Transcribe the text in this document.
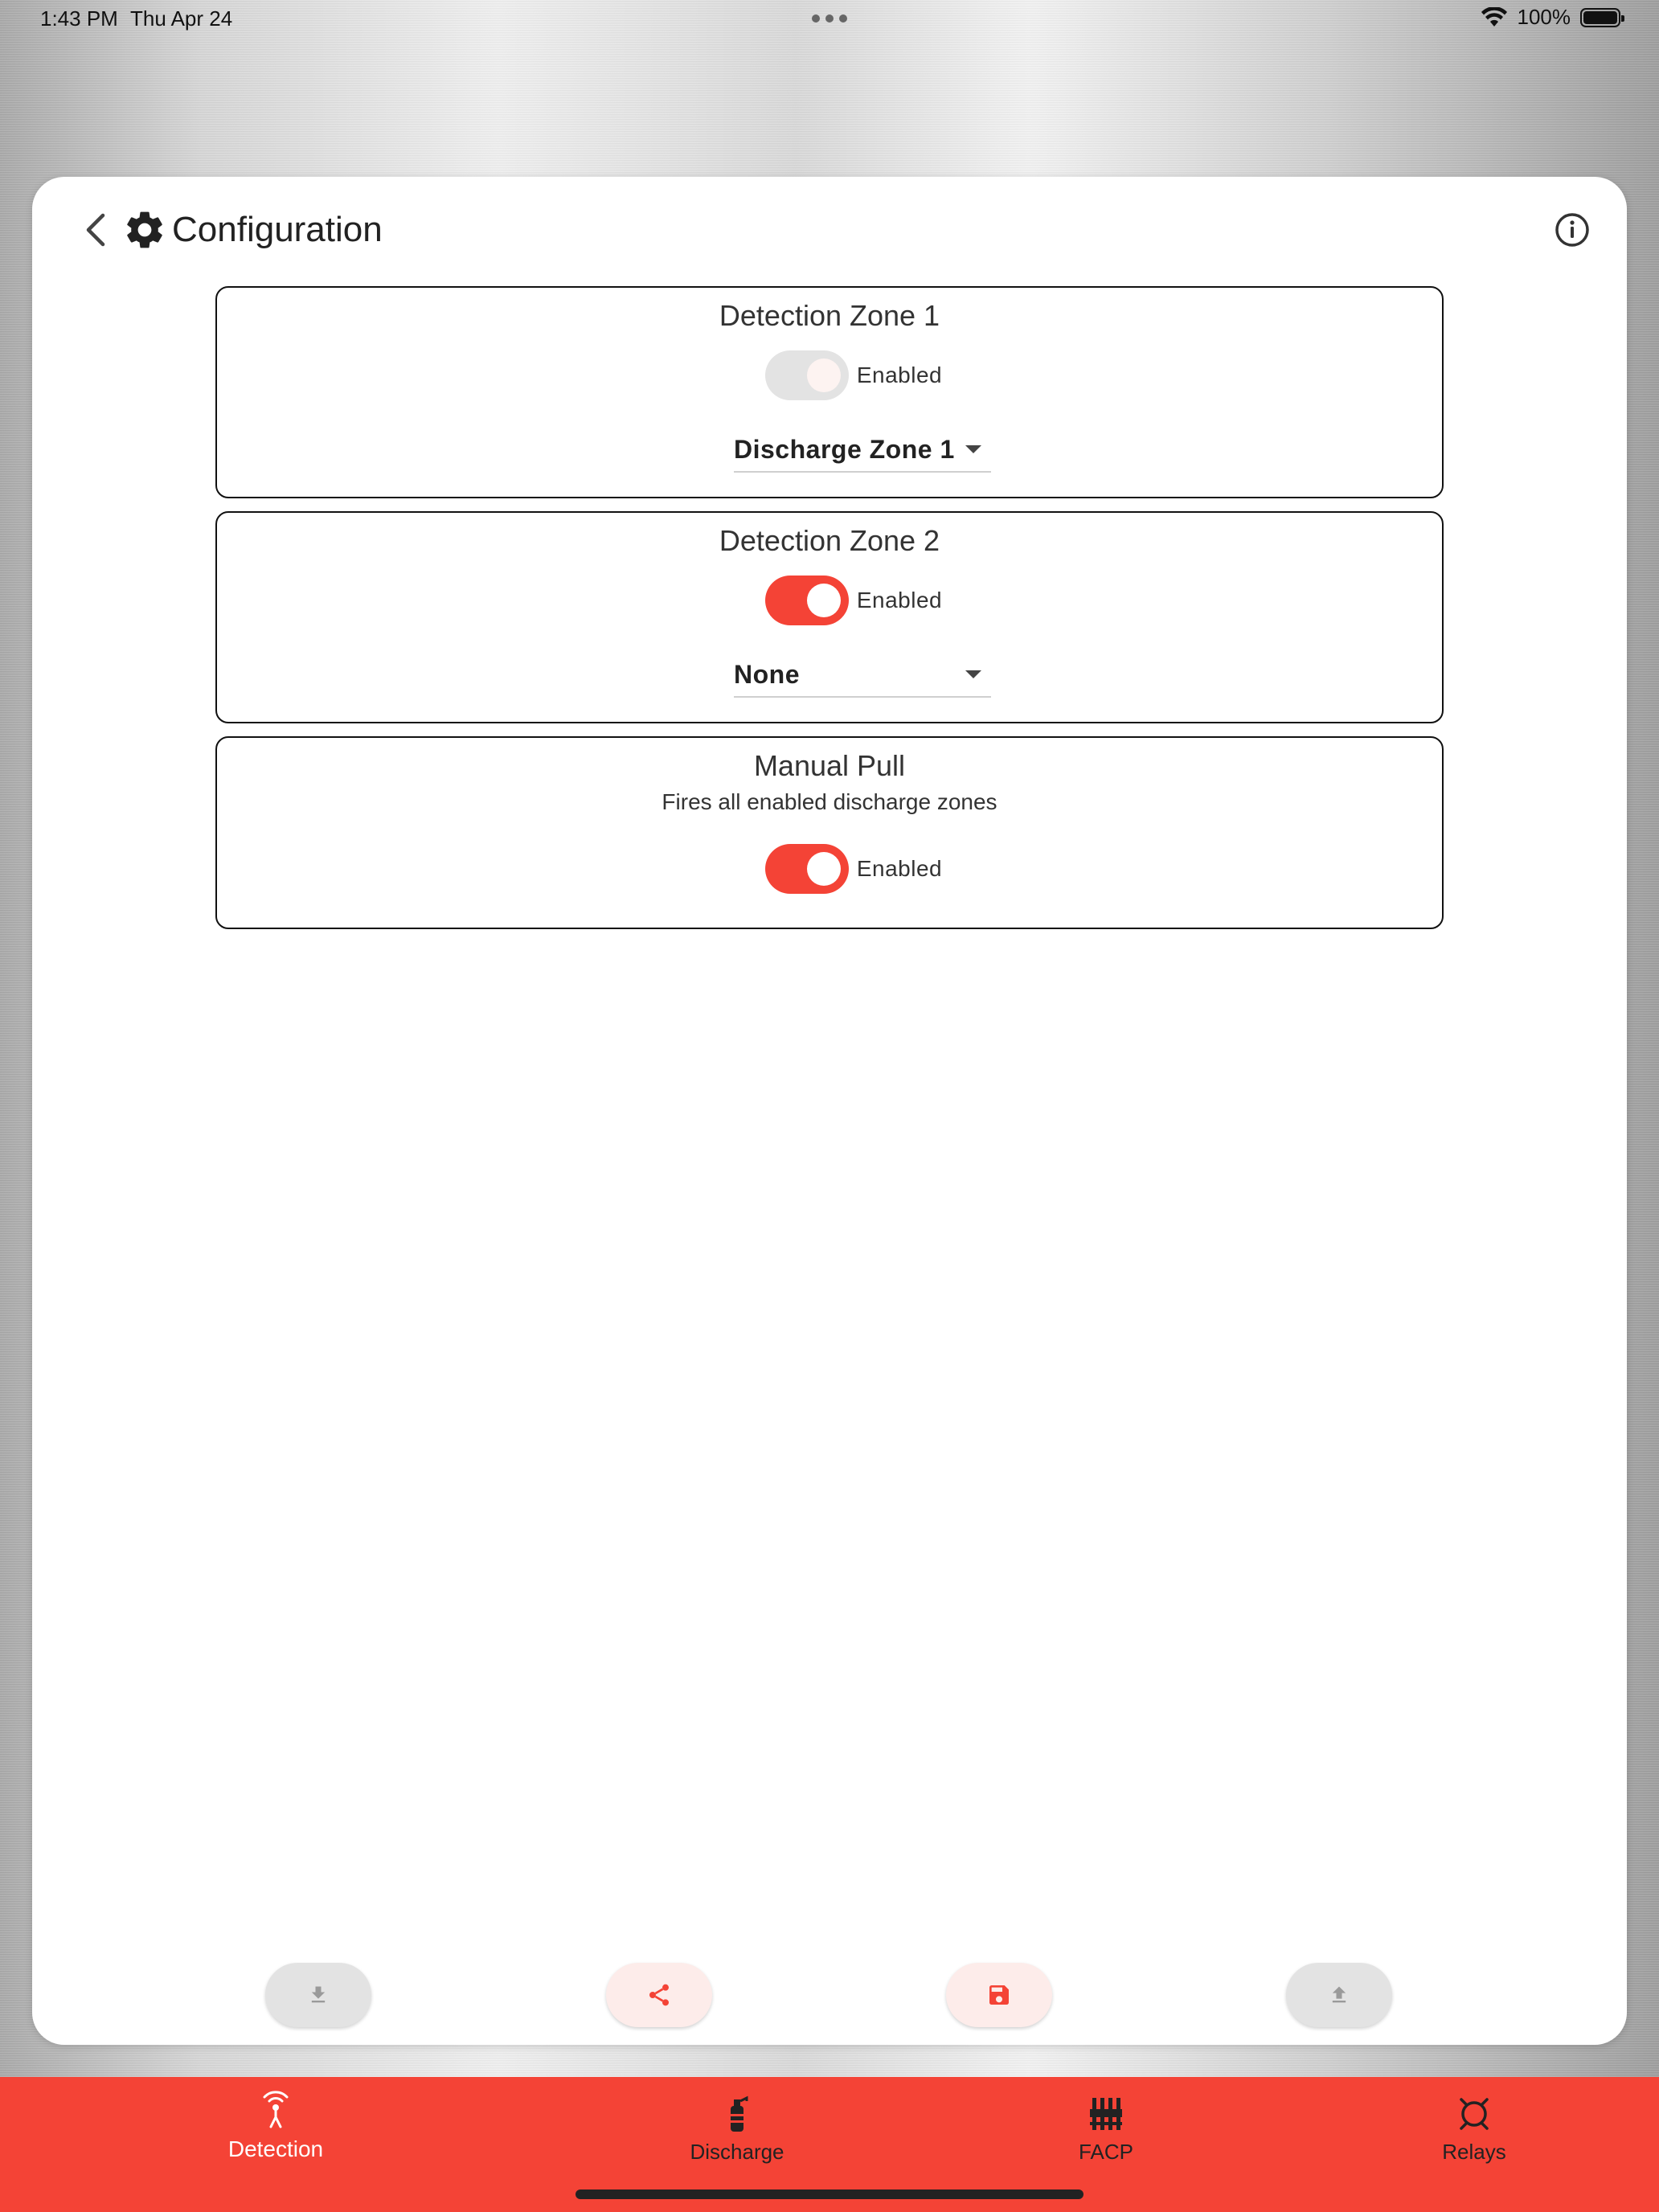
1:43 PM Thu Apr 24	100%
Configuration
Detection Zone 1
Enabled
Discharge Zone 1
Detection Zone 2
Enabled
None
Manual Pull
Fires all enabled discharge zones
Enabled
Detection	Discharge	FACP	Relays
